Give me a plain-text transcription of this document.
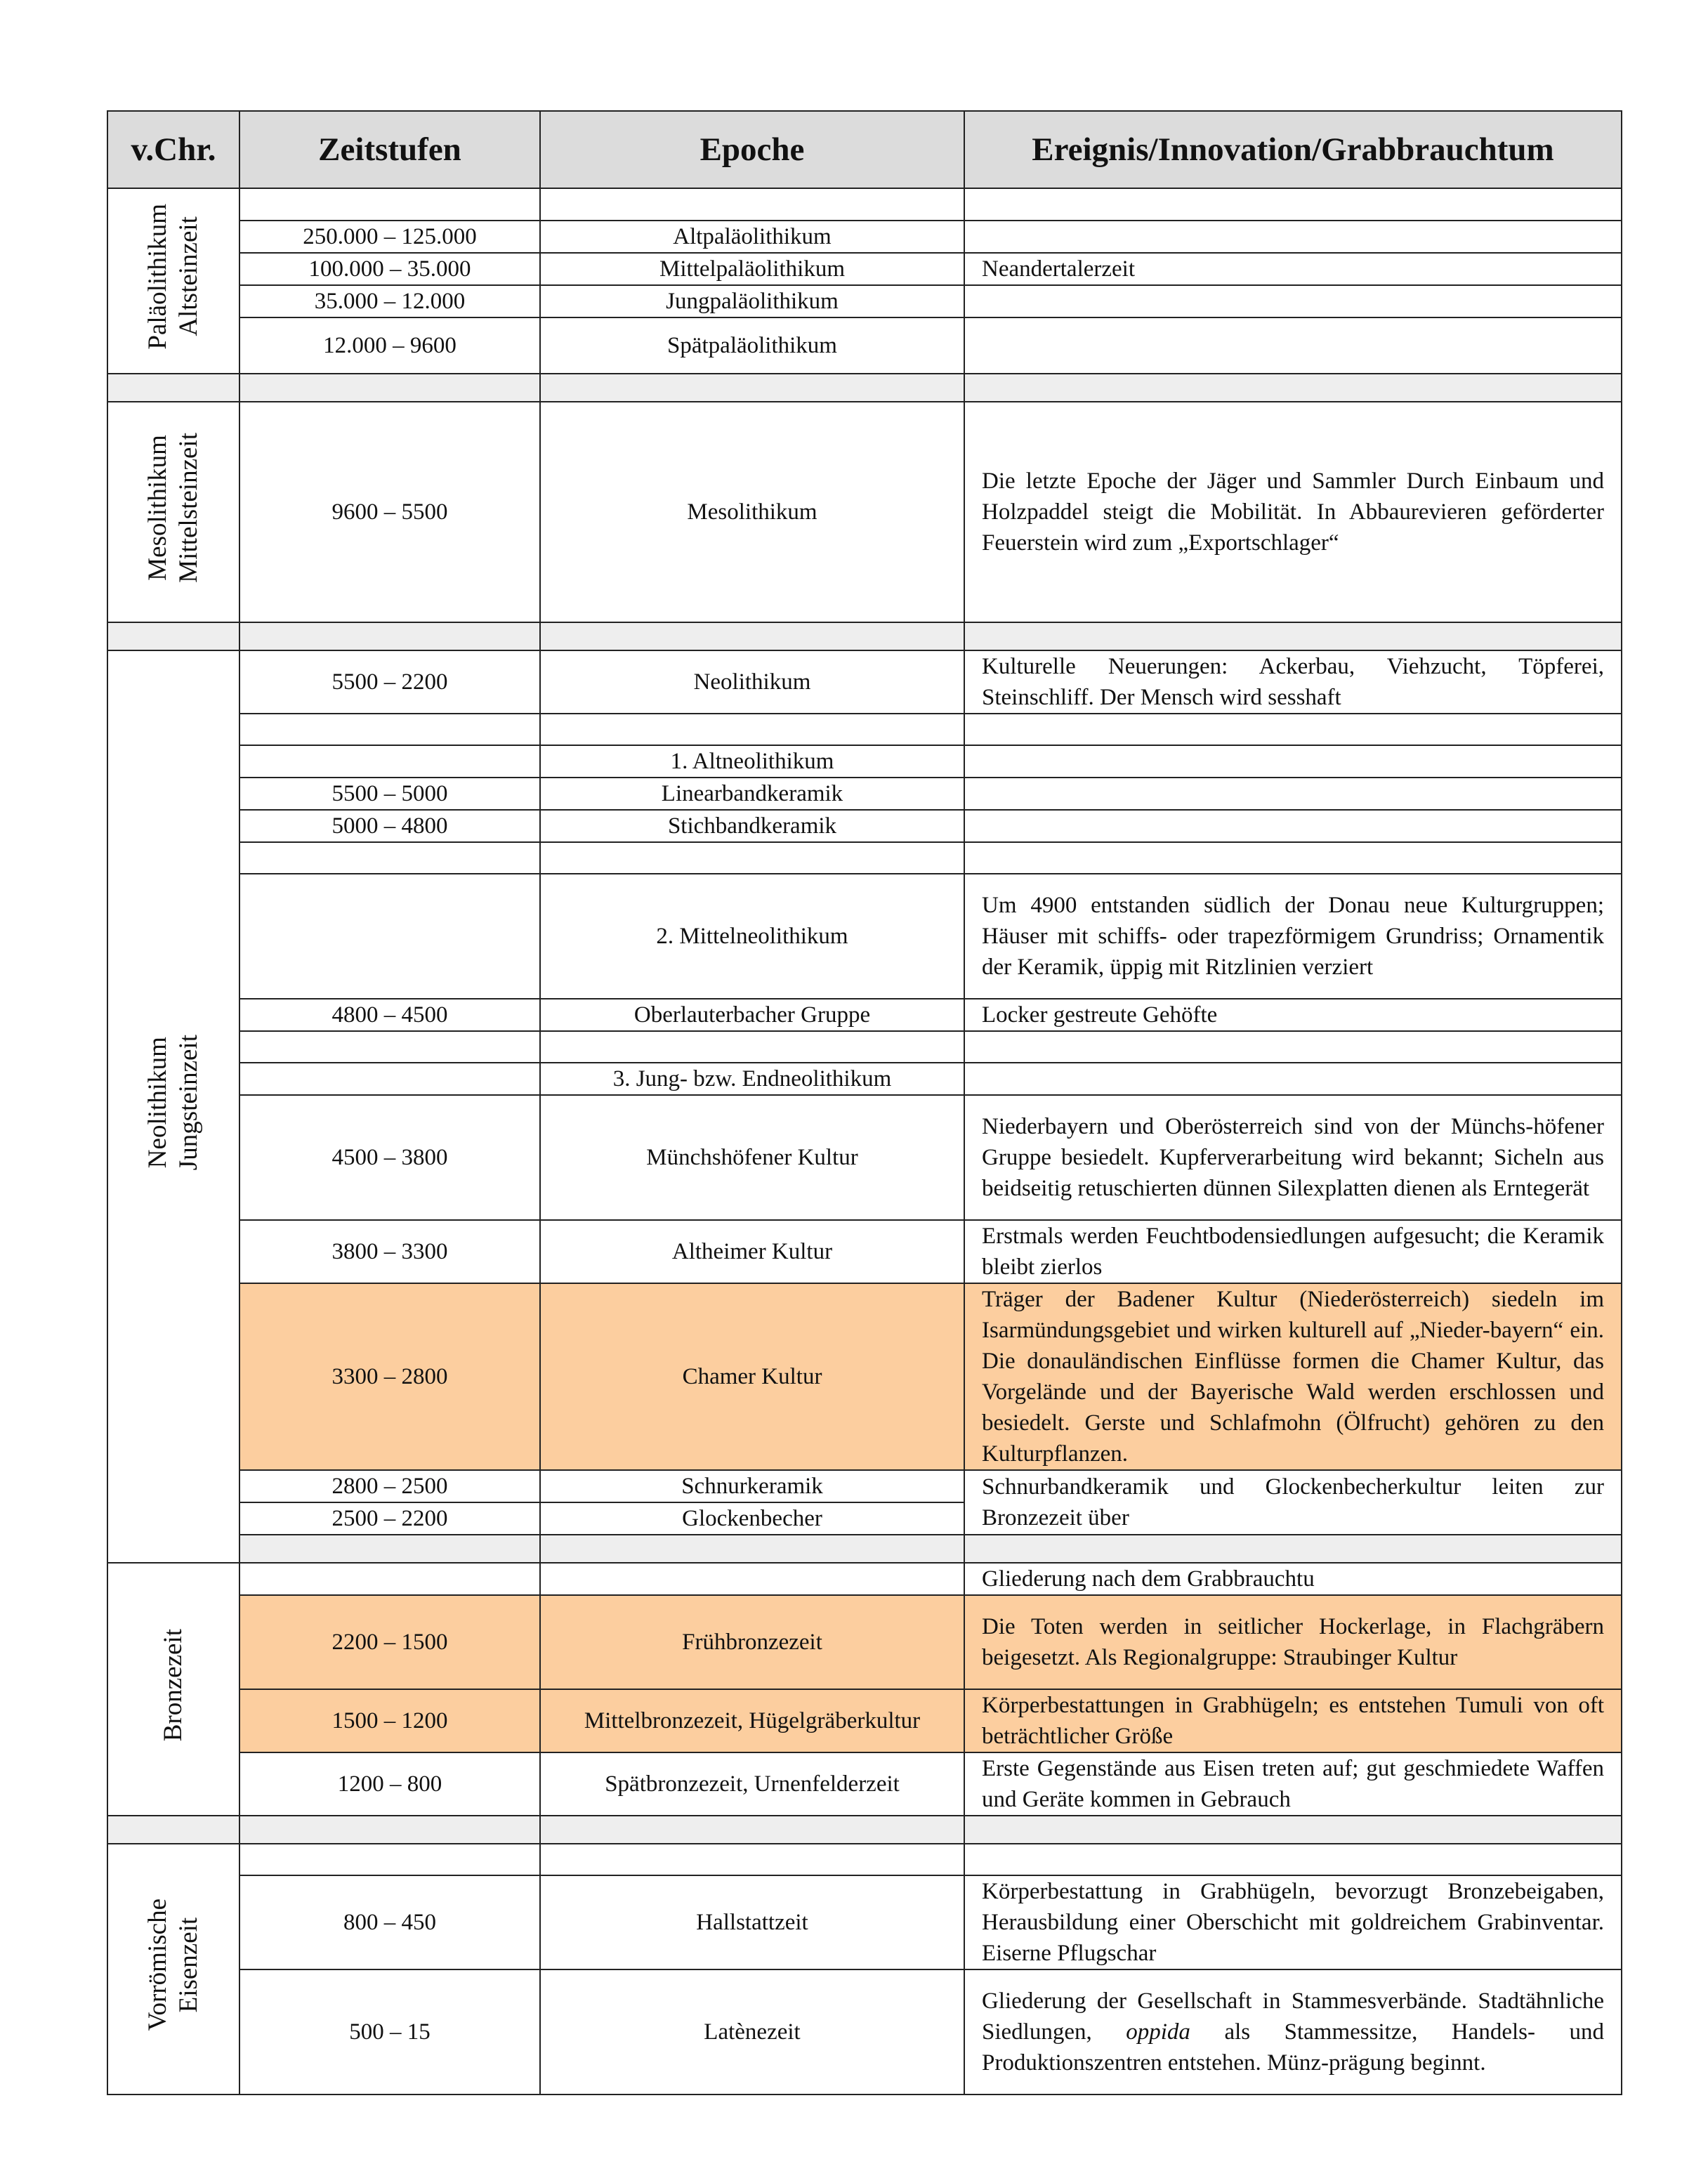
v.Chr.	Zeitstufen	Epoche	Ereignis/Innovation/Grabbrauchtum

Paläolithikum Altsteinzeit			

	250.000 – 125.000	Altpaläolithikum	
	100.000 – 35.000	Mittelpaläolithikum	Neandertalerzeit
	35.000 – 12.000	Jungpaläolithikum	
	12.000 – 9600	Spätpaläolithikum	

Mesolithikum Mittelsteinzeit	9600 – 5500	Mesolithikum	Die letzte Epoche der Jäger und Sammler Durch Einbaum und Holzpaddel steigt die Mobilität. In Abbaurevieren geförderter Feuerstein wird zum „Exportschlager“

Neolithikum Jungsteinzeit	5500 – 2200	Neolithikum	Kulturelle Neuerungen: Ackerbau, Viehzucht, Töpferei, Steinschliff. Der Mensch wird sesshaft

		1. Altneolithikum	
	5500 – 5000	Linearbandkeramik	
	5000 – 4800	Stichbandkeramik	

		2. Mittelneolithikum	Um 4900 entstanden südlich der Donau neue Kulturgruppen; Häuser mit schiffs- oder trapezförmigem Grundriss; Ornamentik der Keramik, üppig mit Ritzlinien verziert
	4800 – 4500	Oberlauterbacher Gruppe	Locker gestreute Gehöfte

		3. Jung- bzw. Endneolithikum	
	4500 – 3800	Münchshöfener Kultur	Niederbayern und Oberösterreich sind von der Münchs-höfener Gruppe besiedelt. Kupferverarbeitung wird bekannt; Sicheln aus beidseitig retuschierten dünnen Silexplatten dienen als Erntegerät
	3800 – 3300	Altheimer Kultur	Erstmals werden Feuchtbodensiedlungen aufgesucht; die Keramik bleibt zierlos
	3300 – 2800	Chamer Kultur	Träger der Badener Kultur (Niederösterreich) siedeln im Isarmündungsgebiet und wirken kulturell auf „Nieder-bayern“ ein. Die donauländischen Einflüsse formen die Chamer Kultur, das Vorgelände und der Bayerische Wald werden erschlossen und besiedelt. Gerste und Schlafmohn (Ölfrucht) gehören zu den Kulturpflanzen.
	2800 – 2500	Schnurkeramik	Schnurbandkeramik und Glockenbecherkultur leiten zur Bronzezeit über
	2500 – 2200	Glockenbecher	

Bronzezeit			Gliederung nach dem Grabbrauchtu
	2200 – 1500	Frühbronzezeit	Die Toten werden in seitlicher Hockerlage, in Flachgräbern beigesetzt. Als Regionalgruppe: Straubinger Kultur
	1500 – 1200	Mittelbronzezeit, Hügelgräberkultur	Körperbestattungen in Grabhügeln; es entstehen Tumuli von oft beträchtlicher Größe
	1200 – 800	Spätbronzezeit, Urnenfelderzeit	Erste Gegenstände aus Eisen treten auf; gut geschmiedete Waffen und Geräte kommen in Gebrauch

Vorrömische Eisenzeit			

	800 – 450	Hallstattzeit	Körperbestattung in Grabhügeln, bevorzugt Bronzebeigaben, Herausbildung einer Oberschicht mit goldreichem Grabinventar. Eiserne Pflugschar
	500 – 15	Latènezeit	Gliederung der Gesellschaft in Stammesverbände. Stadtähnliche Siedlungen, oppida als Stammessitze, Handels- und Produktionszentren entstehen. Münz-prägung beginnt.
